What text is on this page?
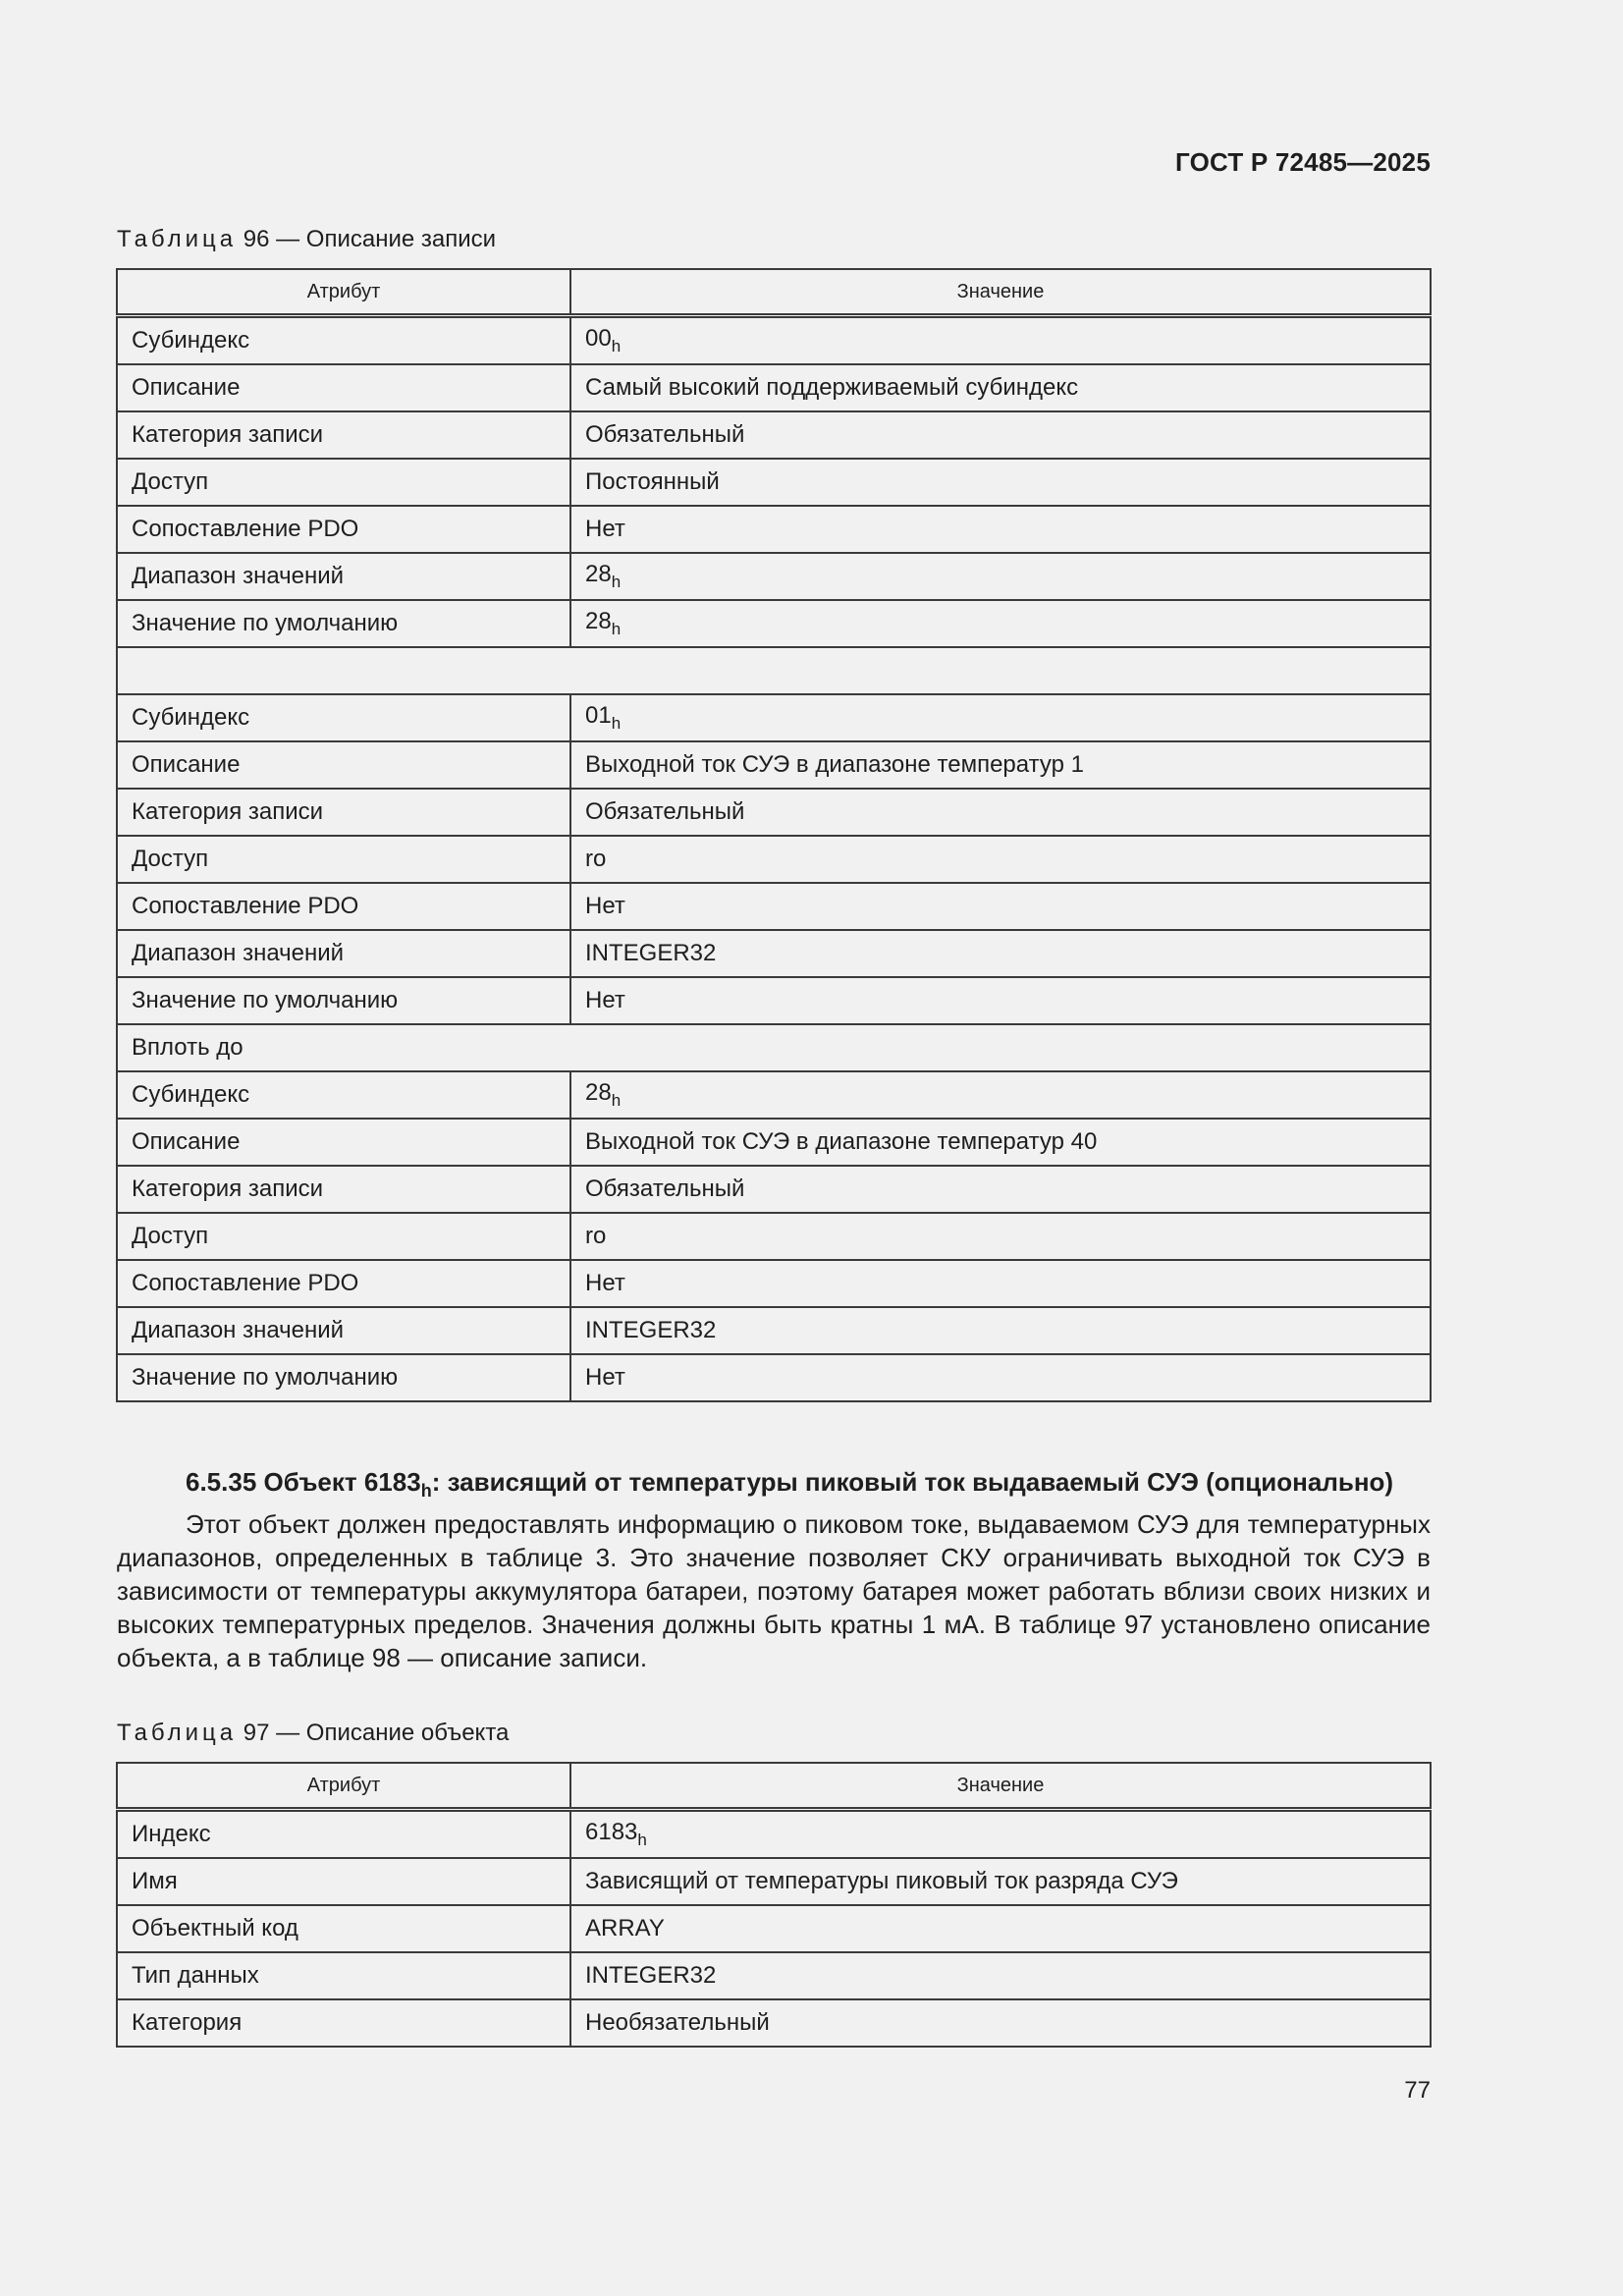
ГОСТ Р 72485—2025
Таблица 96 — Описание записи
Атрибут	Значение
Субиндекс	$00_h$
Описание	Самый высокий поддерживаемый субиндекс
Категория записи	Обязательный
Доступ	Постоянный
Сопоставление PDO	Нет
Диапазон значений	$28_h$
Значение по умолчанию	$28_h$

Субиндекс	$01_h$
Описание	Выходной ток СУЭ в диапазоне температур 1
Категория записи	Обязательный
Доступ	ro
Сопоставление PDO	Нет
Диапазон значений	INTEGER32
Значение по умолчанию	Нет
Вплоть до	
Субиндекс	$28_h$
Описание	Выходной ток СУЭ в диапазоне температур 40
Категория записи	Обязательный
Доступ	ro
Сопоставление PDO	Нет
Диапазон значений	INTEGER32
Значение по умолчанию	Нет
6.5.35 Объект $6183_h$: зависящий от температуры пиковый ток выдаваемый СУЭ (опционально)

Этот объект должен предоставлять информацию о пиковом токе, выдаваемом СУЭ для температурных диапазонов, определенных в таблице 3. Это значение позволяет СКУ ограничивать выходной ток СУЭ в зависимости от температуры аккумулятора батареи, поэтому батарея может работать вблизи своих низких и высоких температурных пределов. Значения должны быть кратны 1 мА. В таблице 97 установлено описание объекта, а в таблице 98 — описание записи.

Таблица 97 — Описание объекта
Атрибут	Значение
Индекс	$6183_h$
Имя	Зависящий от температуры пиковый ток разряда СУЭ
Объектный код	ARRAY
Тип данных	INTEGER32
Категория	Необязательный
77
